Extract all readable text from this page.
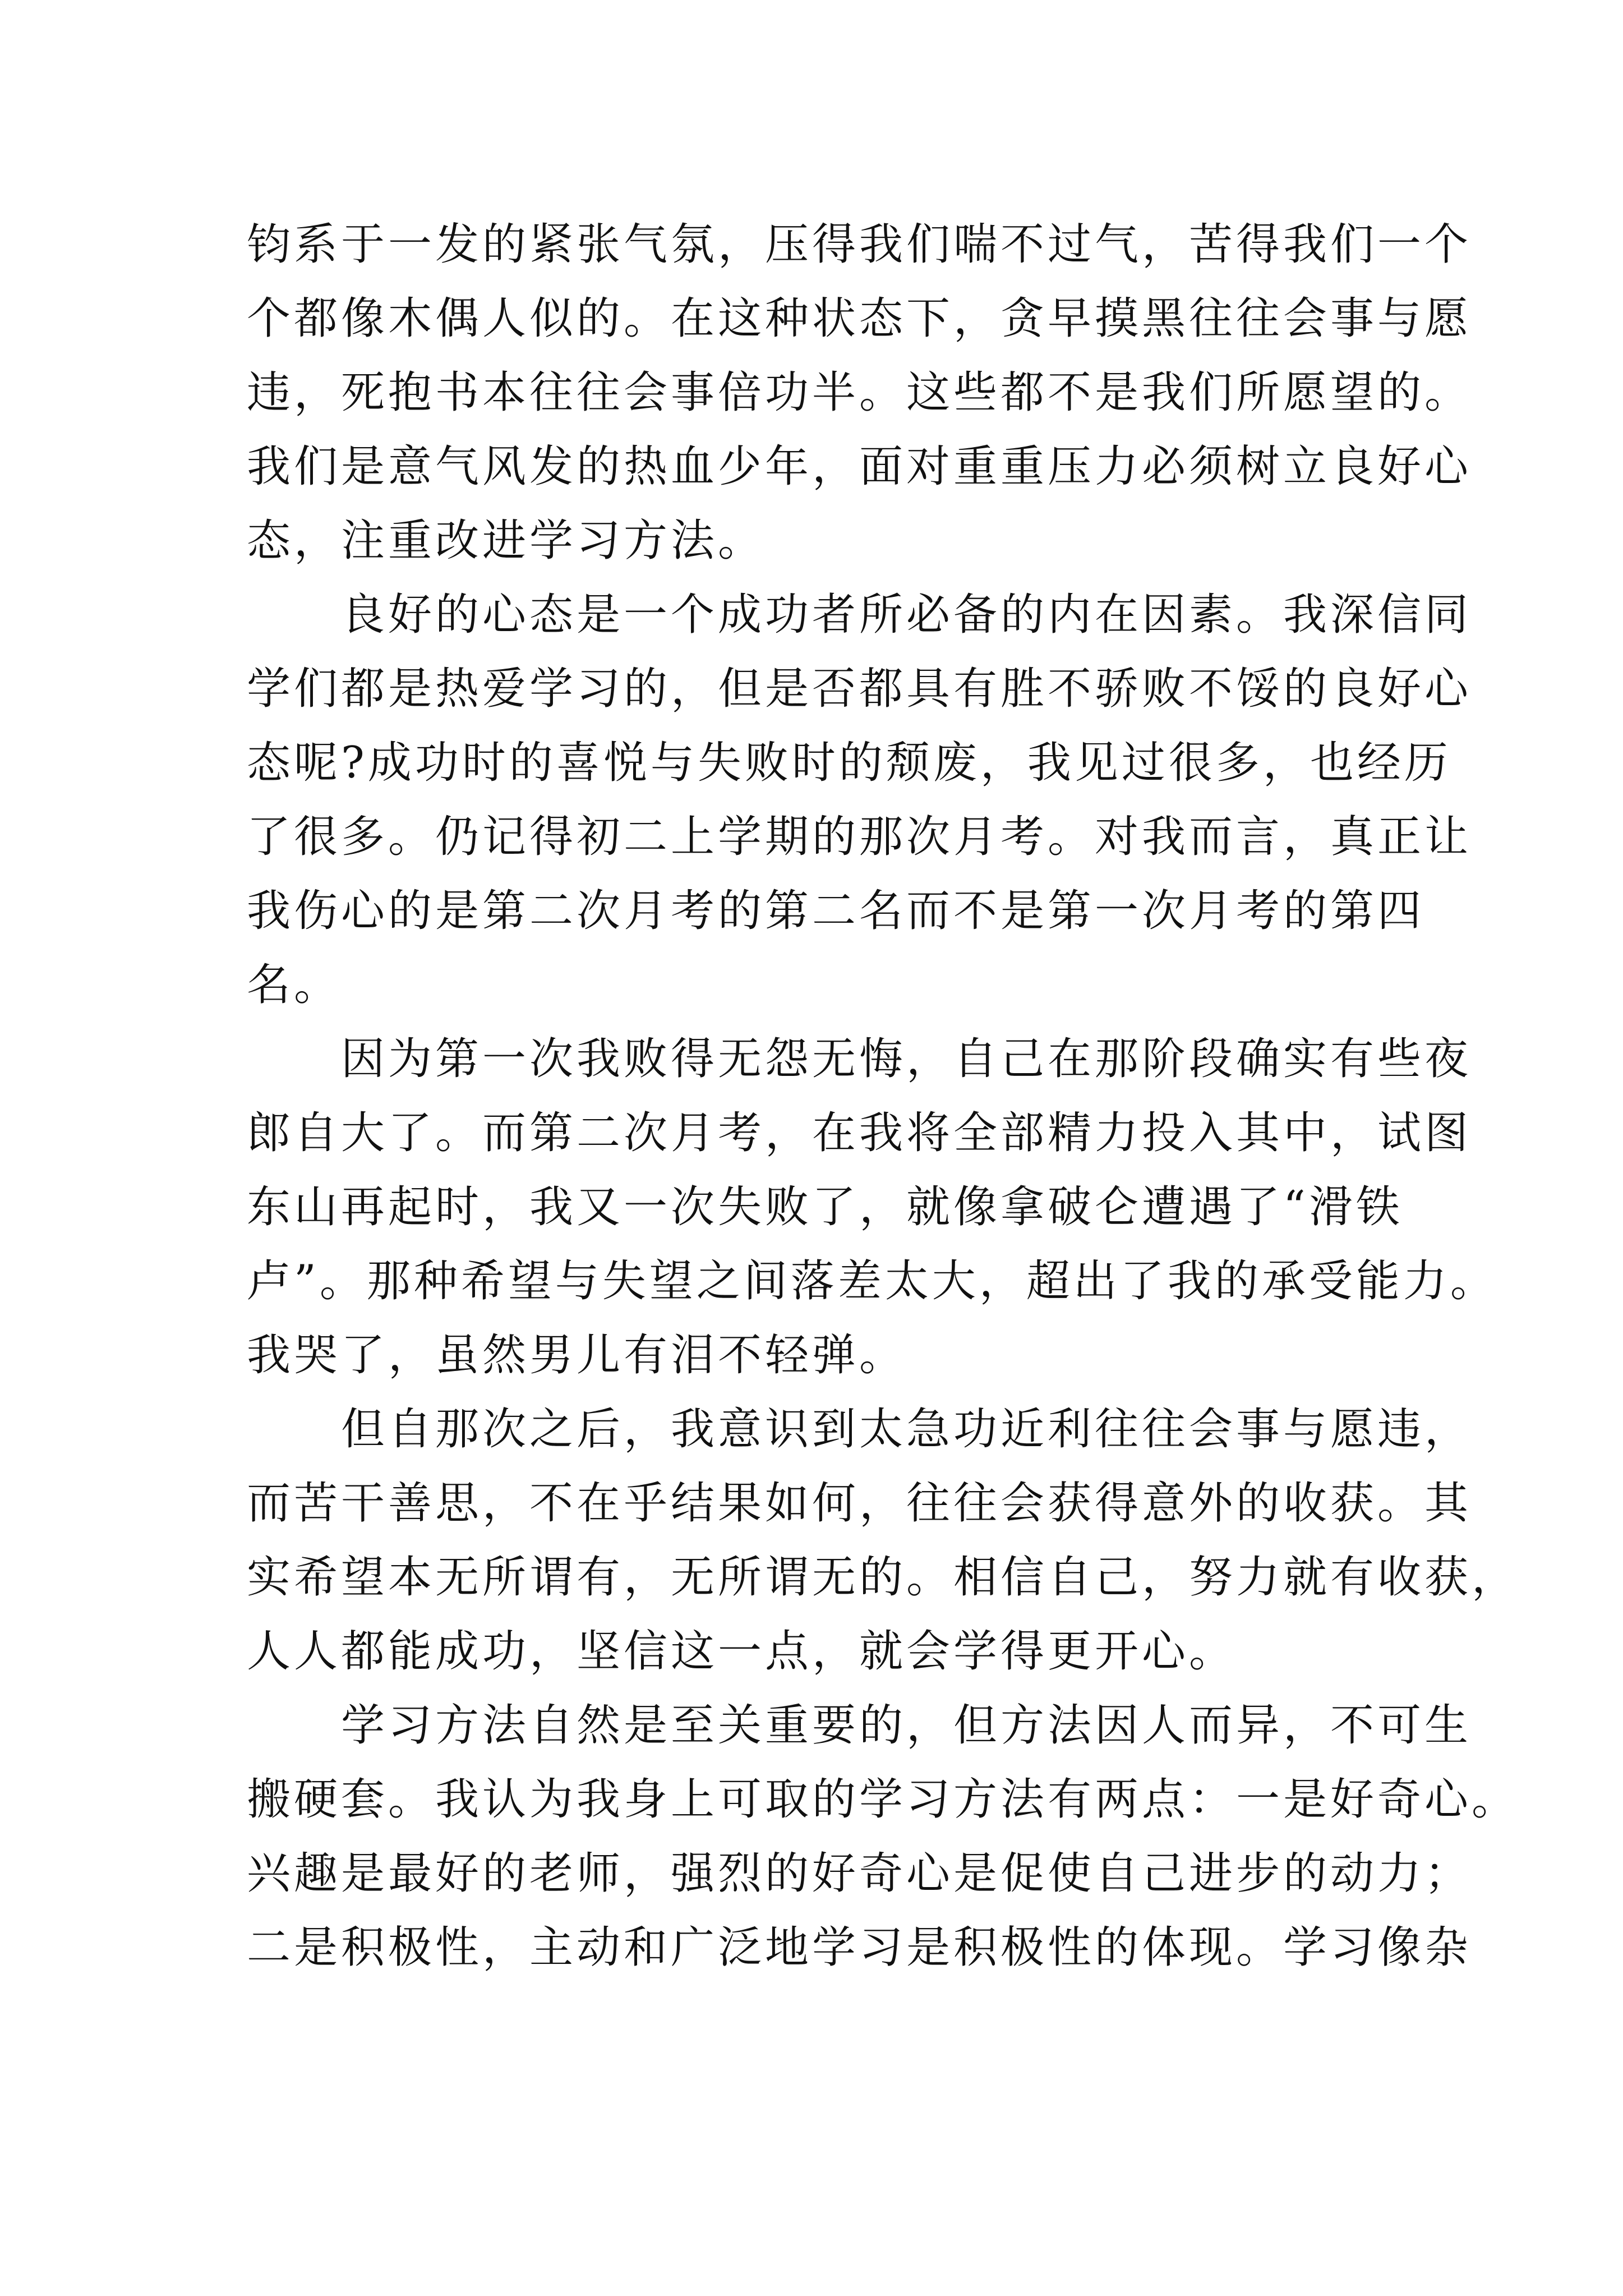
钧系于一发的紧张气氛，压得我们喘不过气，苦得我们一个
个都像木偶人似的。在这种状态下，贪早摸黑往往会事与愿
违，死抱书本往往会事倍功半。这些都不是我们所愿望的。
我们是意气风发的热血少年，面对重重压力必须树立良好心
态，注重改进学习方法。
　　良好的心态是一个成功者所必备的内在因素。我深信同
学们都是热爱学习的，但是否都具有胜不骄败不馁的良好心
态呢?成功时的喜悦与失败时的颓废，我见过很多，也经历
了很多。仍记得初二上学期的那次月考。对我而言，真正让
我伤心的是第二次月考的第二名而不是第一次月考的第四
名。
　　因为第一次我败得无怨无悔，自己在那阶段确实有些夜
郎自大了。而第二次月考，在我将全部精力投入其中，试图
东山再起时，我又一次失败了，就像拿破仑遭遇了“滑铁
卢”。那种希望与失望之间落差太大，超出了我的承受能力。
我哭了，虽然男儿有泪不轻弹。
　　但自那次之后，我意识到太急功近利往往会事与愿违，
而苦干善思，不在乎结果如何，往往会获得意外的收获。其
实希望本无所谓有，无所谓无的。相信自己，努力就有收获，
人人都能成功，坚信这一点，就会学得更开心。
　　学习方法自然是至关重要的，但方法因人而异，不可生
搬硬套。我认为我身上可取的学习方法有两点：一是好奇心。
兴趣是最好的老师，强烈的好奇心是促使自己进步的动力；
二是积极性，主动和广泛地学习是积极性的体现。学习像杂
